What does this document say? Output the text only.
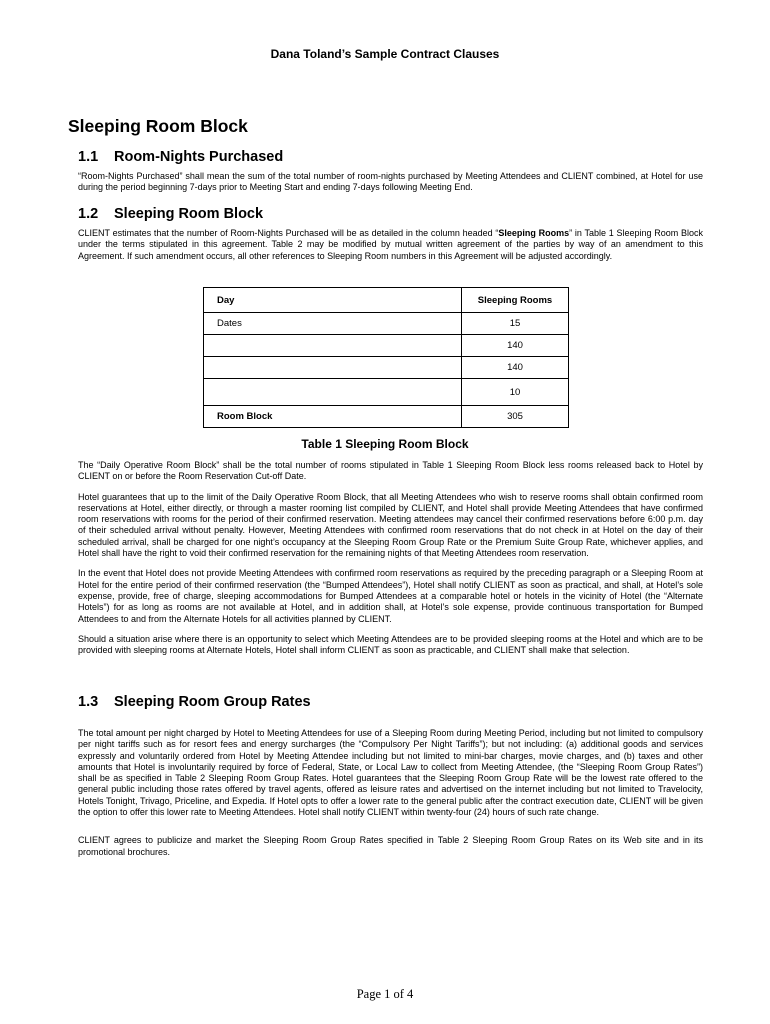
Dana Toland’s Sample Contract Clauses
Sleeping Room Block
1.1 Room-Nights Purchased

“Room-Nights Purchased” shall mean the sum of the total number of room-nights purchased by Meeting Attendees and CLIENT combined, at Hotel for use during the period beginning 7-days prior to Meeting Start and ending 7-days following Meeting End.

1.2 Sleeping Room Block

CLIENT estimates that the number of Room-Nights Purchased will be as detailed in the column headed “Sleeping Rooms” in Table 1 Sleeping Room Block under the terms stipulated in this agreement. Table 2 may be modified by mutual written agreement of the parties by way of an amendment to this Agreement. If such amendment occurs, all other references to Sleeping Room numbers in this Agreement will be adjusted accordingly.

Day	Sleeping Rooms
Dates	15
	140
	140
	10
Room Block	305
Table 1 Sleeping Room Block

The “Daily Operative Room Block” shall be the total number of rooms stipulated in Table 1 Sleeping Room Block less rooms released back to Hotel by CLIENT on or before the Room Reservation Cut-off Date.

Hotel guarantees that up to the limit of the Daily Operative Room Block, that all Meeting Attendees who wish to reserve rooms shall obtain confirmed room reservations at Hotel, either directly, or through a master rooming list compiled by CLIENT, and Hotel shall provide Meeting Attendees that have confirmed room reservations with rooms for the period of their confirmed reservation. Meeting attendees may cancel their confirmed reservations before 6:00 p.m. day of their scheduled arrival without penalty. However, Meeting Attendees with confirmed room reservations that do not check in at Hotel on the day of their scheduled arrival, shall be charged for one night’s occupancy at the Sleeping Room Group Rate or the Premium Suite Group Rate, whichever applies, and Hotel shall have the right to void their confirmed reservation for the remaining nights of that Meeting Attendees room reservation.

In the event that Hotel does not provide Meeting Attendees with confirmed room reservations as required by the preceding paragraph or a Sleeping Room at Hotel for the entire period of their confirmed reservation (the “Bumped Attendees”), Hotel shall notify CLIENT as soon as practical, and shall, at Hotel’s sole expense, provide, free of charge, sleeping accommodations for Bumped Attendees at a comparable hotel or hotels in the vicinity of Hotel (the “Alternate Hotels”) for as long as rooms are not available at Hotel, and in addition shall, at Hotel’s sole expense, provide continuous transportation for Bumped Attendees to and from the Alternate Hotels for all activities planned by CLIENT.

Should a situation arise where there is an opportunity to select which Meeting Attendees are to be provided sleeping rooms at the Hotel and which are to be provided with sleeping rooms at Alternate Hotels, Hotel shall inform CLIENT as soon as practicable, and CLIENT shall make that selection.

1.3 Sleeping Room Group Rates

The total amount per night charged by Hotel to Meeting Attendees for use of a Sleeping Room during Meeting Period, including but not limited to compulsory per night tariffs such as for resort fees and energy surcharges (the “Compulsory Per Night Tariffs”); but not including: (a) additional goods and services expressly and voluntarily ordered from Hotel by Meeting Attendee including but not limited to mini-bar charges, movie charges, and (b) taxes and other amounts that Hotel is involuntarily required by force of Federal, State, or Local Law to collect from Meeting Attendee, (the “Sleeping Room Group Rates”) shall be as specified in Table 2 Sleeping Room Group Rates. Hotel guarantees that the Sleeping Room Group Rate will be the lowest rate offered to the general public including those rates offered by travel agents, offered as leisure rates and advertised on the internet including but not limited to Travelocity, Hotels Tonight, Trivago, Priceline, and Expedia. If Hotel opts to offer a lower rate to the general public after the contract execution date, CLIENT will be given the option to offer this lower rate to Meeting Attendees. Hotel shall notify CLIENT within twenty-four (24) hours of such rate change.

CLIENT agrees to publicize and market the Sleeping Room Group Rates specified in Table 2 Sleeping Room Group Rates on its Web site and in its promotional brochures.

Page 1 of 4
